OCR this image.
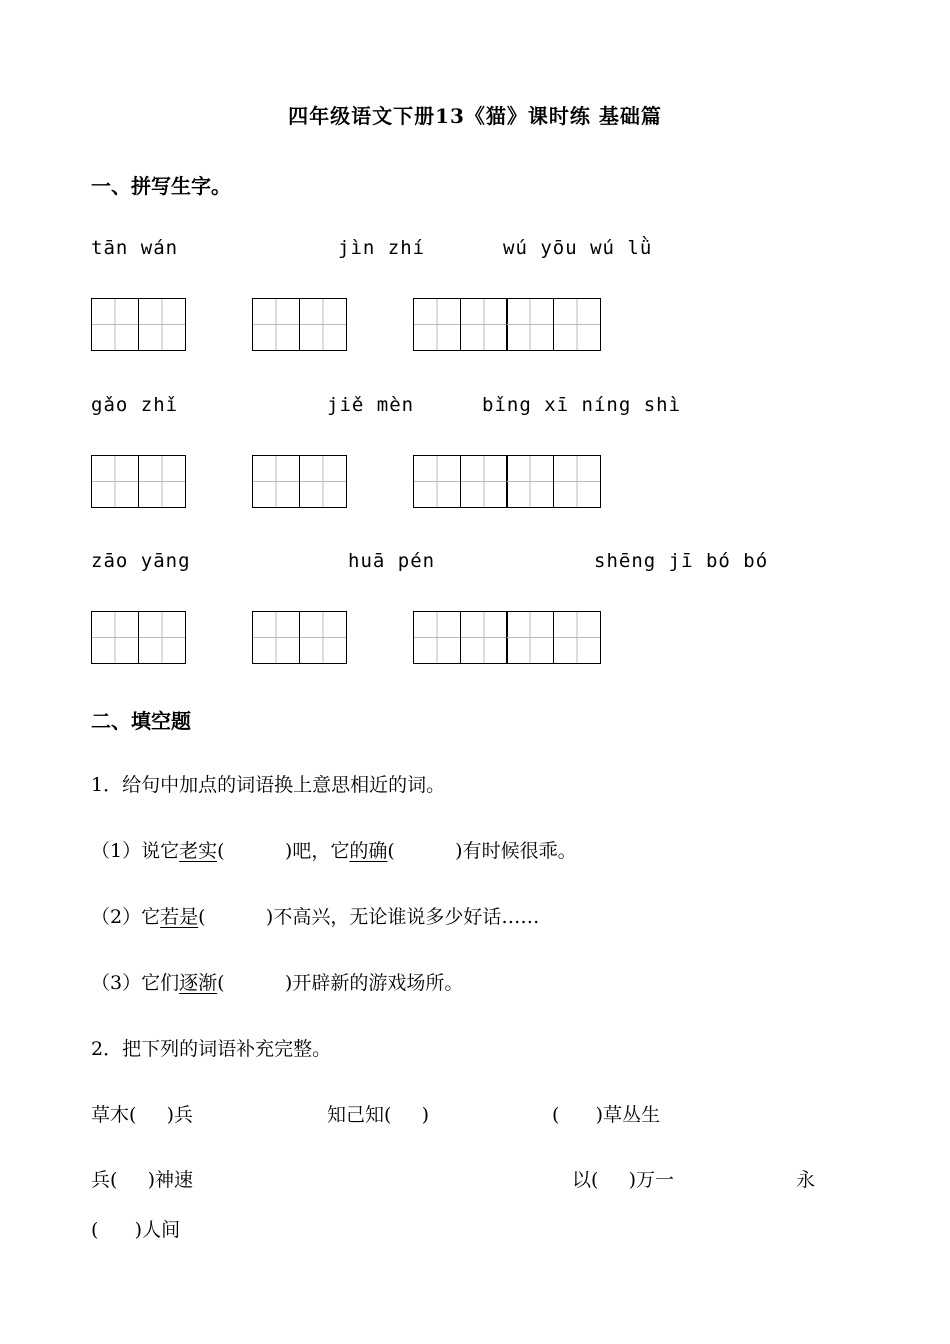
四年级语文下册13《猫》课时练 基础篇
一、拼写生字。
tān wán	jìn zhí	wú yōu wú lǜ
gǎo zhǐ	jiě mèn	bǐng xī níng shì
zāo yāng	huā pén	shēng jī bó bó
二、填空题
1．给句中加点的词语换上意思相近的词。
（1）说它老实(          )吧，它的确(          )有时候很乖。
（2）它若是(          )不高兴，无论谁说多少好话……
（3）它们逐渐(          )开辟新的游戏场所。
2．把下列的词语补充完整。
草木(     )兵	知己知(     )	(      )草丛生
兵(     )神速	以(     )万一	永
(      )人间
